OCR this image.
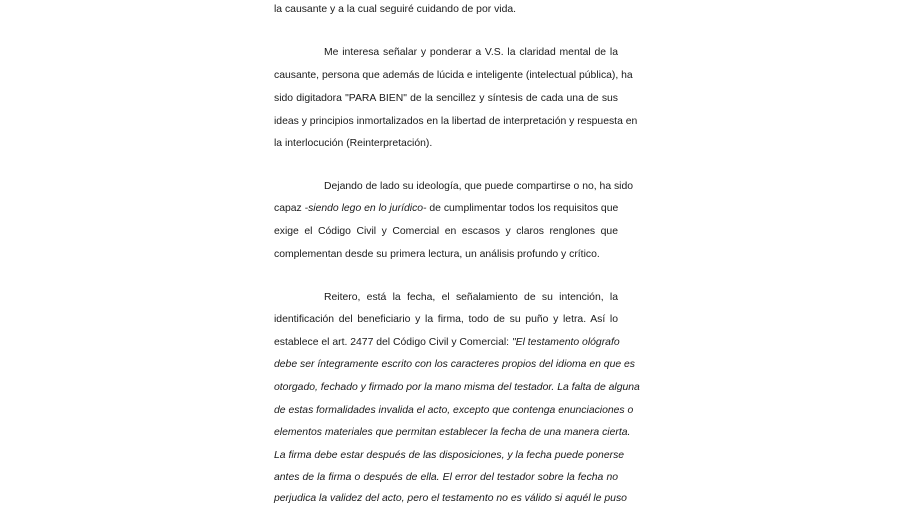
la causante y a la cual seguiré cuidando de por vida.
Me interesa señalar y ponderar a V.S. la claridad mental de la
causante, persona que además de lúcida e inteligente (intelectual pública), ha
sido digitadora "PARA BIEN" de la sencillez y síntesis de cada una de sus
ideas y principios inmortalizados en la libertad de interpretación y respuesta en
la interlocución (Reinterpretación).
Dejando de lado su ideología, que puede compartirse o no, ha sido
capaz -siendo lego en lo jurídico- de cumplimentar todos los requisitos que
exige el Código Civil y Comercial en escasos y claros renglones que
complementan desde su primera lectura, un análisis profundo y crítico.
Reitero, está la fecha, el señalamiento de su intención, la
identificación del beneficiario y la firma, todo de su puño y letra. Así lo
establece el art. 2477 del Código Civil y Comercial: "El testamento ológrafo
debe ser íntegramente escrito con los caracteres propios del idioma en que es
otorgado, fechado y firmado por la mano misma del testador. La falta de alguna
de estas formalidades invalida el acto, excepto que contenga enunciaciones o
elementos materiales que permitan establecer la fecha de una manera cierta.
La firma debe estar después de las disposiciones, y la fecha puede ponerse
antes de la firma o después de ella. El error del testador sobre la fecha no
perjudica la validez del acto, pero el testamento no es válido si aquél le puso
